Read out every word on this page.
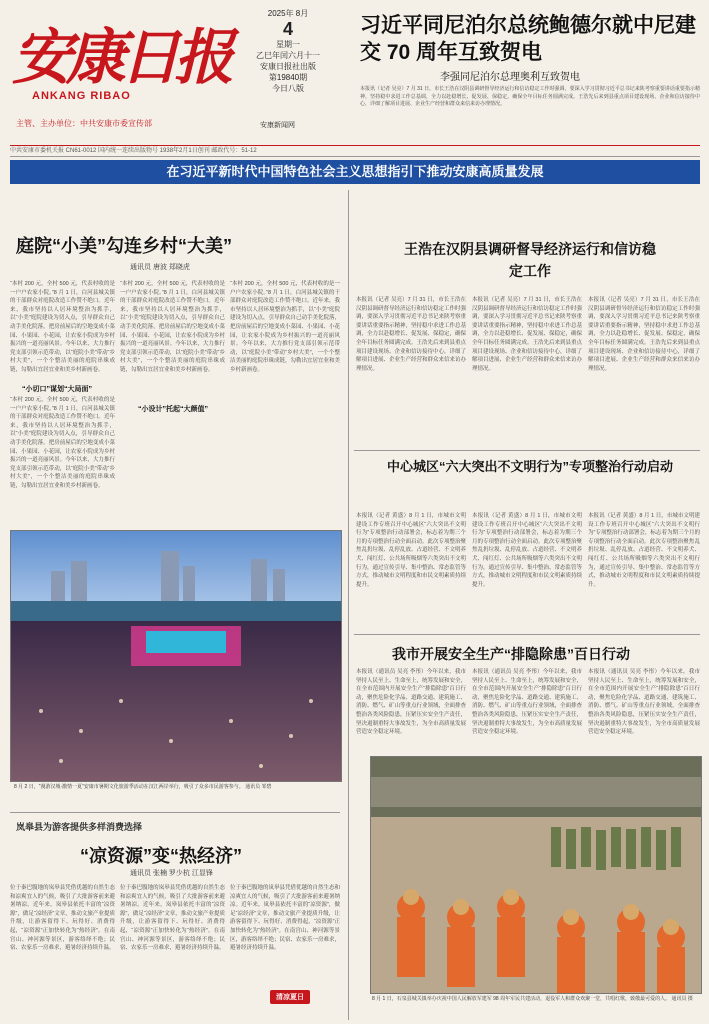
安康日报
ANKANG RIBAO
主管、主办单位：中共安康市委宣传部
2025年 8月
4
星期一
乙巳年闰六月十一
安康日报社出版
第19840期
今日八版
安康新闻网
习近平同尼泊尔总统鲍德尔就中尼建交 70 周年互致贺电
李强同尼泊尔总理奥利互致贺电
本报讯（记者 吴亮）7 月 31 日，市长王浩在汉阴县调研督导经济运行和信访稳定工作时强调，要深入学习贯彻习近平总书记来陕考察重要讲话重要指示精神，坚持稳中求进工作总基调，全力以赴稳增长、促发展、保稳定，确保全年目标任务圆满完成。王浩先后来到县重点项目建设现场、企业和信访接待中心，详细了解项目进展、企业生产经营和群众来信来访办理情况。
中共安康市委机关报 CN61-0012 国内统一连续出版物号 1938年2月1日创刊 邮政代号：51-12
在习近平新时代中国特色社会主义思想指引下推动安康高质量发展
庭院“小美”勾连乡村“大美”
通讯员 唐波 郑晓虎
“本村 200 元，全村 500 元，代表村收的是一户户农家小院。”8 月 1 日，白河县城关镇的干部群众对庭院改造工作赞不绝口。近年来，我市坚持以人居环境整治为抓手，以“小美”庭院建设为切入点，引导群众自己动手美化院落，把房前屋后的空地变成小菜园、小果园、小花园，让农家小院成为乡村振兴的一道亮丽风景。今年以来，大力推行党支部引领示范带动，以“庭院小美”带动“乡村大美”，一个个整洁美丽的庭院串珠成链，勾勒出宜居宜业和美乡村新画卷。
“小切口”谋划“大局面”
“本村 200 元，全村 500 元，代表村收的是一户户农家小院。”8 月 1 日，白河县城关镇的干部群众对庭院改造工作赞不绝口。近年来，我市坚持以人居环境整治为抓手，以“小美”庭院建设为切入点，引导群众自己动手美化院落，把房前屋后的空地变成小菜园、小果园、小花园，让农家小院成为乡村振兴的一道亮丽风景。今年以来，大力推行党支部引领示范带动，以“庭院小美”带动“乡村大美”，一个个整洁美丽的庭院串珠成链，勾勒出宜居宜业和美乡村新画卷。
“本村 200 元，全村 500 元，代表村收的是一户户农家小院。”8 月 1 日，白河县城关镇的干部群众对庭院改造工作赞不绝口。近年来，我市坚持以人居环境整治为抓手，以“小美”庭院建设为切入点，引导群众自己动手美化院落，把房前屋后的空地变成小菜园、小果园、小花园，让农家小院成为乡村振兴的一道亮丽风景。今年以来，大力推行党支部引领示范带动，以“庭院小美”带动“乡村大美”，一个个整洁美丽的庭院串珠成链，勾勒出宜居宜业和美乡村新画卷。
“小设计”托起“大颜值”
“本村 200 元，全村 500 元，代表村收的是一户户农家小院。”8 月 1 日，白河县城关镇的干部群众对庭院改造工作赞不绝口。近年来，我市坚持以人居环境整治为抓手，以“小美”庭院建设为切入点，引导群众自己动手美化院落，把房前屋后的空地变成小菜园、小果园、小花园，让农家小院成为乡村振兴的一道亮丽风景。今年以来，大力推行党支部引领示范带动，以“庭院小美”带动“乡村大美”，一个个整洁美丽的庭院串珠成链，勾勒出宜居宜业和美乡村新画卷。
8 月 2 日，“漫游汉城·激情一夏”安康市暑期文化旅游季活动在汉江两岸举行，吸引了众多市民游客参与。 通讯员 邹碧
岚皋县为游客提供多样消费选择
“凉资源”变“热经济”
通讯员 张楠 罗少杭 江显锋
位于秦巴腹地的岚皋县凭借优越的自然生态和凉爽宜人的气候，吸引了大批游客前来避暑纳凉。近年来，岚皋县依托丰富的“凉资源”，做足“凉经济”文章，推动文旅产业提质升级，让游客留得下、玩得好、消费得起，“凉资源”正加快转化为“热经济”。在南宫山、神河源等景区，游客络绎不绝；民宿、农家乐一房难求，避暑经济持续升温。
位于秦巴腹地的岚皋县凭借优越的自然生态和凉爽宜人的气候，吸引了大批游客前来避暑纳凉。近年来，岚皋县依托丰富的“凉资源”，做足“凉经济”文章，推动文旅产业提质升级，让游客留得下、玩得好、消费得起，“凉资源”正加快转化为“热经济”。在南宫山、神河源等景区，游客络绎不绝；民宿、农家乐一房难求，避暑经济持续升温。
位于秦巴腹地的岚皋县凭借优越的自然生态和凉爽宜人的气候，吸引了大批游客前来避暑纳凉。近年来，岚皋县依托丰富的“凉资源”，做足“凉经济”文章，推动文旅产业提质升级，让游客留得下、玩得好、消费得起，“凉资源”正加快转化为“热经济”。在南宫山、神河源等景区，游客络绎不绝；民宿、农家乐一房难求，避暑经济持续升温。
清凉夏日
王浩在汉阴县调研督导经济运行和信访稳定工作
本报讯（记者 吴亮）7 月 31 日，市长王浩在汉阴县调研督导经济运行和信访稳定工作时强调，要深入学习贯彻习近平总书记来陕考察重要讲话重要指示精神，坚持稳中求进工作总基调，全力以赴稳增长、促发展、保稳定，确保全年目标任务圆满完成。王浩先后来到县重点项目建设现场、企业和信访接待中心，详细了解项目进展、企业生产经营和群众来信来访办理情况。
本报讯（记者 吴亮）7 月 31 日，市长王浩在汉阴县调研督导经济运行和信访稳定工作时强调，要深入学习贯彻习近平总书记来陕考察重要讲话重要指示精神，坚持稳中求进工作总基调，全力以赴稳增长、促发展、保稳定，确保全年目标任务圆满完成。王浩先后来到县重点项目建设现场、企业和信访接待中心，详细了解项目进展、企业生产经营和群众来信来访办理情况。
本报讯（记者 吴亮）7 月 31 日，市长王浩在汉阴县调研督导经济运行和信访稳定工作时强调，要深入学习贯彻习近平总书记来陕考察重要讲话重要指示精神，坚持稳中求进工作总基调，全力以赴稳增长、促发展、保稳定，确保全年目标任务圆满完成。王浩先后来到县重点项目建设现场、企业和信访接待中心，详细了解项目进展、企业生产经营和群众来信来访办理情况。
中心城区“六大突出不文明行为”专项整治行动启动
本报讯（记者 黄盛）8 月 1 日，市城市文明建设工作专班召开中心城区“六大突出不文明行为”专项整治行动部署会，标志着为期三个月的专项整治行动全面启动。此次专项整治聚焦乱扔垃圾、乱停乱放、占道经营、不文明养犬、闯红灯、公共场所吸烟等六类突出不文明行为，通过宣传引导、集中整治、常态监管等方式，推动城市文明程度和市民文明素质持续提升。
本报讯（记者 黄盛）8 月 1 日，市城市文明建设工作专班召开中心城区“六大突出不文明行为”专项整治行动部署会，标志着为期三个月的专项整治行动全面启动。此次专项整治聚焦乱扔垃圾、乱停乱放、占道经营、不文明养犬、闯红灯、公共场所吸烟等六类突出不文明行为，通过宣传引导、集中整治、常态监管等方式，推动城市文明程度和市民文明素质持续提升。
本报讯（记者 黄盛）8 月 1 日，市城市文明建设工作专班召开中心城区“六大突出不文明行为”专项整治行动部署会，标志着为期三个月的专项整治行动全面启动。此次专项整治聚焦乱扔垃圾、乱停乱放、占道经营、不文明养犬、闯红灯、公共场所吸烟等六类突出不文明行为，通过宣传引导、集中整治、常态监管等方式，推动城市文明程度和市民文明素质持续提升。
我市开展安全生产“排隐除患”百日行动
本报讯（通讯员 吴亮 李彤）今年以来，我市坚持人民至上、生命至上，统筹发展和安全，在全市范围内开展安全生产“排隐除患”百日行动，聚焦危险化学品、道路交通、建筑施工、消防、燃气、矿山等重点行业领域，全面排查整治各类风险隐患，压紧压实安全生产责任，坚决遏制重特大事故发生，为全市高质量发展营造安全稳定环境。
本报讯（通讯员 吴亮 李彤）今年以来，我市坚持人民至上、生命至上，统筹发展和安全，在全市范围内开展安全生产“排隐除患”百日行动，聚焦危险化学品、道路交通、建筑施工、消防、燃气、矿山等重点行业领域，全面排查整治各类风险隐患，压紧压实安全生产责任，坚决遏制重特大事故发生，为全市高质量发展营造安全稳定环境。
本报讯（通讯员 吴亮 李彤）今年以来，我市坚持人民至上、生命至上，统筹发展和安全，在全市范围内开展安全生产“排隐除患”百日行动，聚焦危险化学品、道路交通、建筑施工、消防、燃气、矿山等重点行业领域，全面排查整治各类风险隐患，压紧压实安全生产责任，坚决遏制重特大事故发生，为全市高质量发展营造安全稳定环境。
8 月 1 日，石泉县城关镇举办庆祝中国人民解放军建军 98 周年军民共建活动，退役军人和群众欢聚一堂，共唱红歌，致敬最可爱的人。 通讯员 摄
